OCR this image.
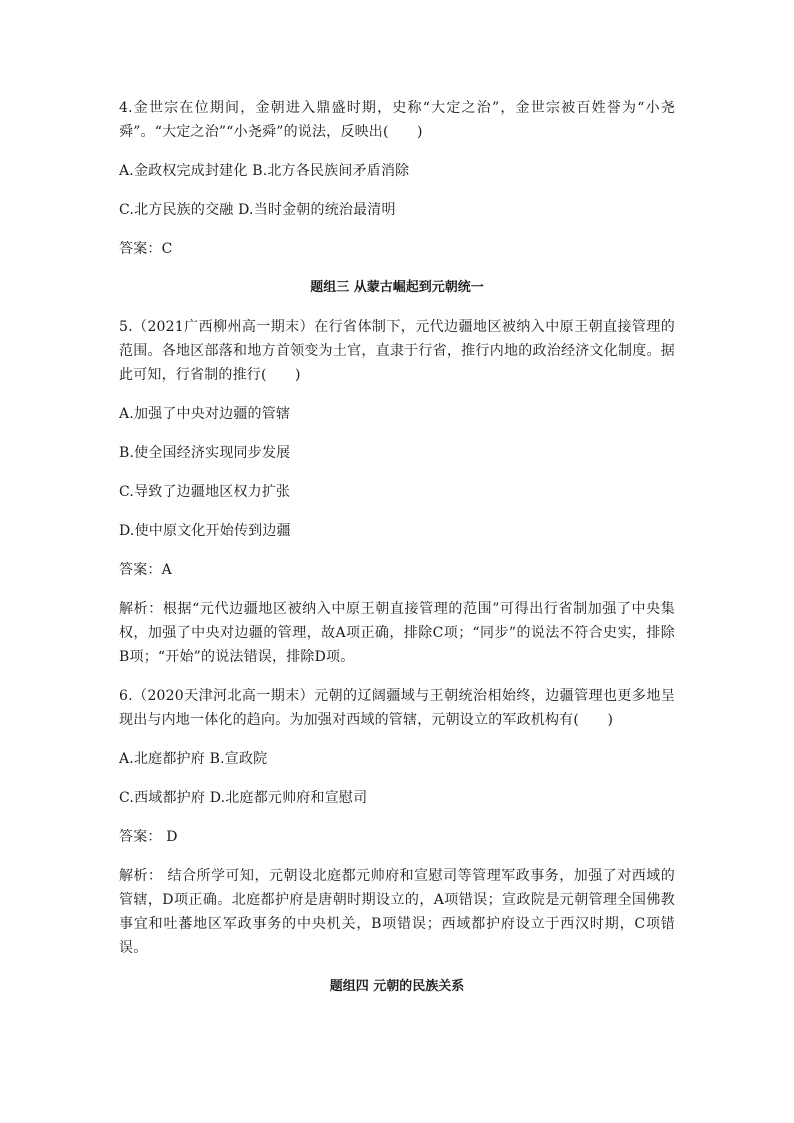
4.金世宗在位期间，金朝进入鼎盛时期，史称“大定之治”，金世宗被百姓誉为“小尧舜”。“大定之治”“小尧舜”的说法，反映出(　　)

A.金政权完成封建化 B.北方各民族间矛盾消除

C.北方民族的交融 D.当时金朝的统治最清明

答案：C

题组三 从蒙古崛起到元朝统一

5.（2021广西柳州高一期末）在行省体制下，元代边疆地区被纳入中原王朝直接管理的范围。各地区部落和地方首领变为土官，直隶于行省，推行内地的政治经济文化制度。据此可知，行省制的推行(　　)

A.加强了中央对边疆的管辖

B.使全国经济实现同步发展

C.导致了边疆地区权力扩张

D.使中原文化开始传到边疆

答案：A

解析：根据“元代边疆地区被纳入中原王朝直接管理的范围”可得出行省制加强了中央集权，加强了中央对边疆的管理，故A项正确，排除C项；“同步”的说法不符合史实，排除B项；“开始”的说法错误，排除D项。

6.（2020天津河北高一期末）元朝的辽阔疆域与王朝统治相始终，边疆管理也更多地呈现出与内地一体化的趋向。为加强对西域的管辖，元朝设立的军政机构有(　　)

A.北庭都护府 B.宣政院

C.西域都护府 D.北庭都元帅府和宣慰司

答案： D

解析： 结合所学可知，元朝设北庭都元帅府和宣慰司等管理军政事务，加强了对西域的管辖，D项正确。北庭都护府是唐朝时期设立的，A项错误；宣政院是元朝管理全国佛教事宜和吐蕃地区军政事务的中央机关，B项错误；西域都护府设立于西汉时期，C项错误。

题组四 元朝的民族关系
